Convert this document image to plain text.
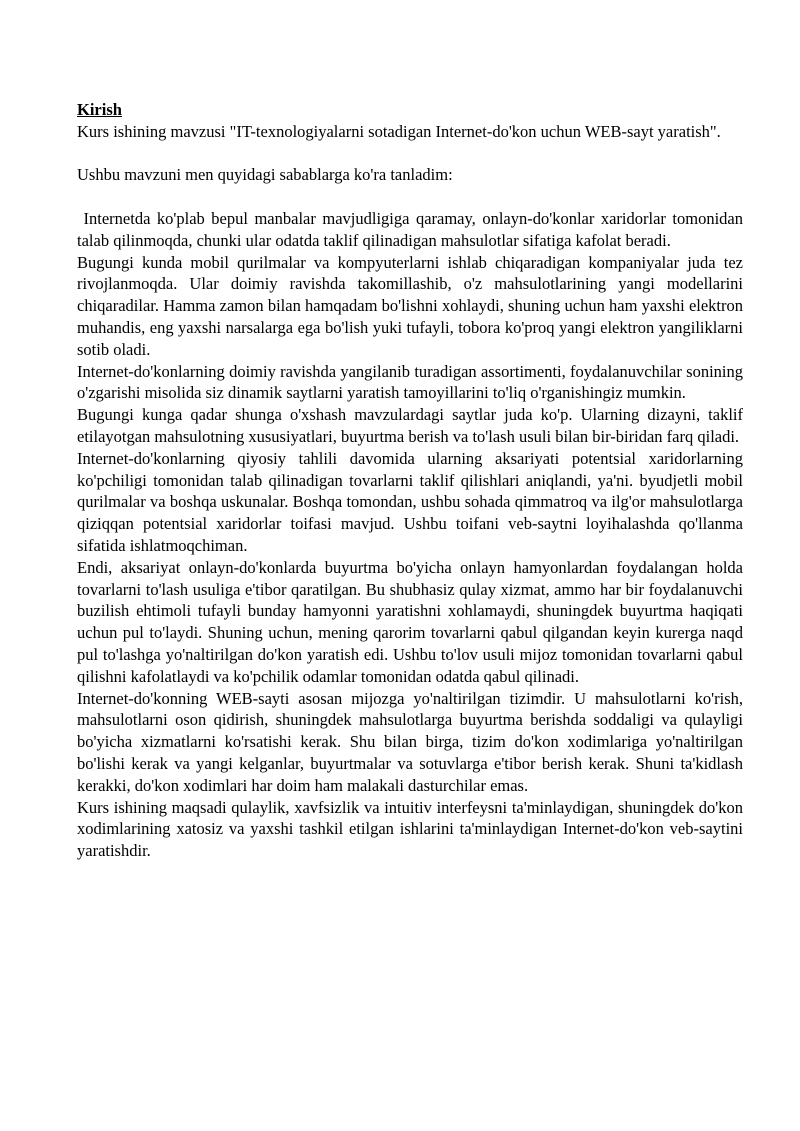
Kirish

Kurs ishining mavzusi "IT-texnologiyalarni sotadigan Internet-do'kon uchun WEB-sayt yaratish".

Ushbu mavzuni men quyidagi sabablarga ko'ra tanladim:

Internetda ko'plab bepul manbalar mavjudligiga qaramay, onlayn-do'konlar xaridorlar tomonidan talab qilinmoqda, chunki ular odatda taklif qilinadigan mahsulotlar sifatiga kafolat beradi.

Bugungi kunda mobil qurilmalar va kompyuterlarni ishlab chiqaradigan kompaniyalar juda tez rivojlanmoqda. Ular doimiy ravishda takomillashib, o'z mahsulotlarining yangi modellarini chiqaradilar. Hamma zamon bilan hamqadam bo'lishni xohlaydi, shuning uchun ham yaxshi elektron muhandis, eng yaxshi narsalarga ega bo'lish yuki tufayli, tobora ko'proq yangi elektron yangiliklarni sotib oladi.

Internet-do'konlarning doimiy ravishda yangilanib turadigan assortimenti, foydalanuvchilar sonining o'zgarishi misolida siz dinamik saytlarni yaratish tamoyillarini to'liq o'rganishingiz mumkin.

Bugungi kunga qadar shunga o'xshash mavzulardagi saytlar juda ko'p. Ularning dizayni, taklif etilayotgan mahsulotning xususiyatlari, buyurtma berish va to'lash usuli bilan bir-biridan farq qiladi.

Internet-do'konlarning qiyosiy tahlili davomida ularning aksariyati potentsial xaridorlarning ko'pchiligi tomonidan talab qilinadigan tovarlarni taklif qilishlari aniqlandi, ya'ni. byudjetli mobil qurilmalar va boshqa uskunalar. Boshqa tomondan, ushbu sohada qimmatroq va ilg'or mahsulotlarga qiziqqan potentsial xaridorlar toifasi mavjud. Ushbu toifani veb-saytni loyihalashda qo'llanma sifatida ishlatmoqchiman.

Endi, aksariyat onlayn-do'konlarda buyurtma bo'yicha onlayn hamyonlardan foydalangan holda tovarlarni to'lash usuliga e'tibor qaratilgan. Bu shubhasiz qulay xizmat, ammo har bir foydalanuvchi buzilish ehtimoli tufayli bunday hamyonni yaratishni xohlamaydi, shuningdek buyurtma haqiqati uchun pul to'laydi. Shuning uchun, mening qarorim tovarlarni qabul qilgandan keyin kurerga naqd pul to'lashga yo'naltirilgan do'kon yaratish edi. Ushbu to'lov usuli mijoz tomonidan tovarlarni qabul qilishni kafolatlaydi va ko'pchilik odamlar tomonidan odatda qabul qilinadi.

Internet-do'konning WEB-sayti asosan mijozga yo'naltirilgan tizimdir. U mahsulotlarni ko'rish, mahsulotlarni oson qidirish, shuningdek mahsulotlarga buyurtma berishda soddaligi va qulayligi bo'yicha xizmatlarni ko'rsatishi kerak. Shu bilan birga, tizim do'kon xodimlariga yo'naltirilgan bo'lishi kerak va yangi kelganlar, buyurtmalar va sotuvlarga e'tibor berish kerak. Shuni ta'kidlash kerakki, do'kon xodimlari har doim ham malakali dasturchilar emas.

Kurs ishining maqsadi qulaylik, xavfsizlik va intuitiv interfeysni ta'minlaydigan, shuningdek do'kon xodimlarining xatosiz va yaxshi tashkil etilgan ishlarini ta'minlaydigan Internet-do'kon veb-saytini yaratishdir.
